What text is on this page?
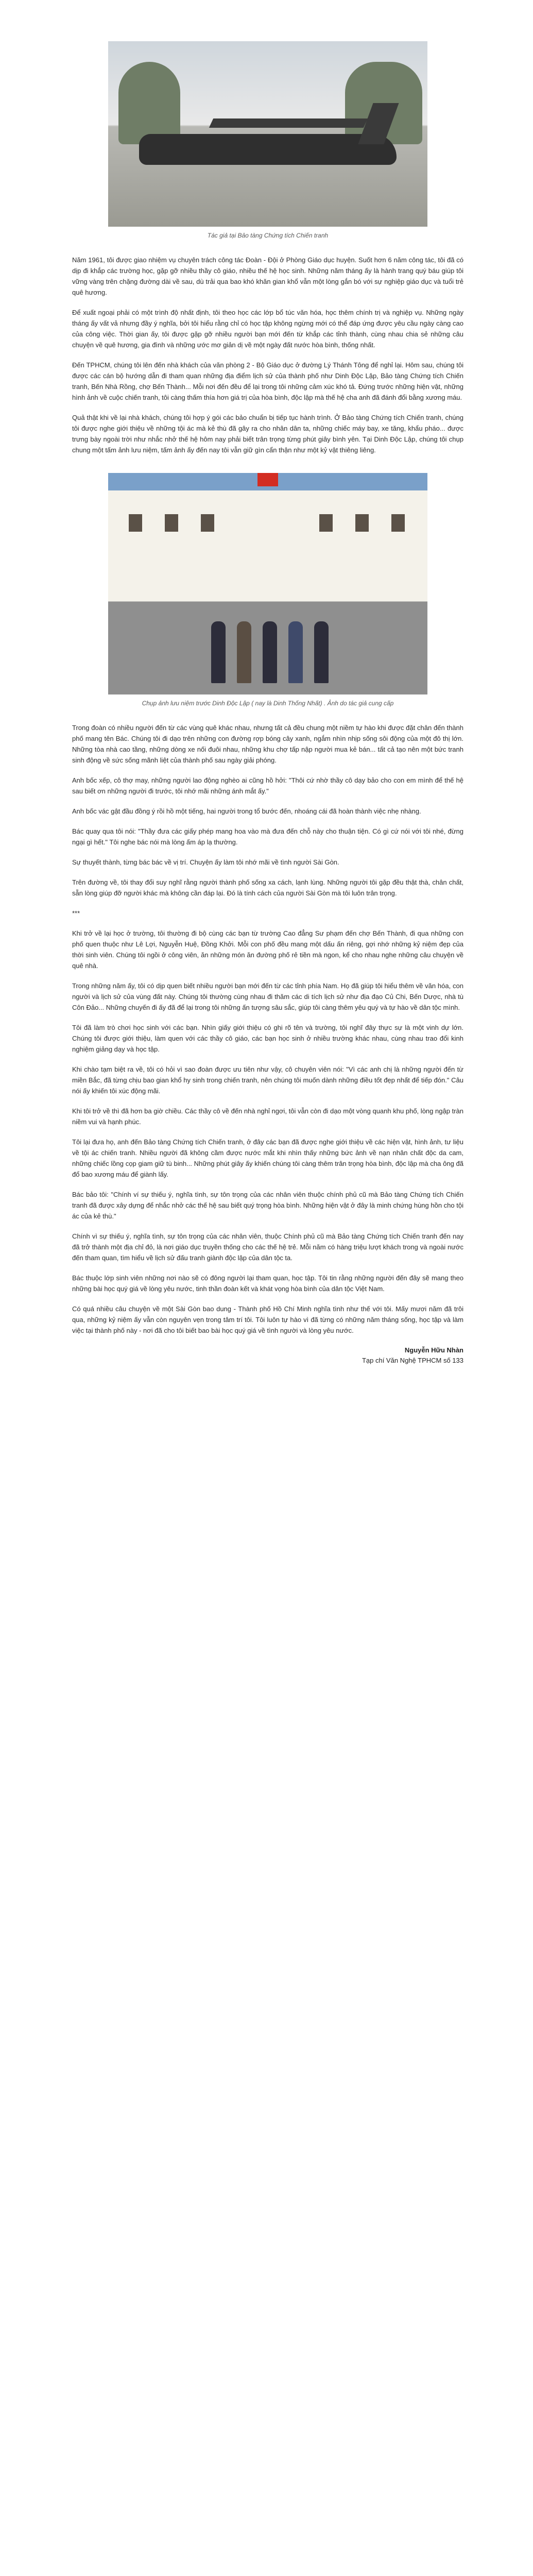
Tác giả tại Bảo tàng Chứng tích Chiến tranh

Năm 1961, tôi được giao nhiệm vụ chuyên trách công tác Đoàn - Đội ở Phòng Giáo dục huyện. Suốt hơn 6 năm công tác, tôi đã có dịp đi khắp các trường học, gặp gỡ nhiều thầy cô giáo, nhiều thế hệ học sinh. Những năm tháng ấy là hành trang quý báu giúp tôi vững vàng trên chặng đường dài về sau, dù trải qua bao khó khăn gian khổ vẫn một lòng gắn bó với sự nghiệp giáo dục và tuổi trẻ quê hương.

Để xuất ngoại phải có một trình độ nhất định, tôi theo học các lớp bổ túc văn hóa, học thêm chính trị và nghiệp vụ. Những ngày tháng ấy vất vả nhưng đầy ý nghĩa, bởi tôi hiểu rằng chỉ có học tập không ngừng mới có thể đáp ứng được yêu cầu ngày càng cao của công việc. Thời gian ấy, tôi được gặp gỡ nhiều người bạn mới đến từ khắp các tỉnh thành, cùng nhau chia sẻ những câu chuyện về quê hương, gia đình và những ước mơ giản dị về một ngày đất nước hòa bình, thống nhất.

Đến TPHCM, chúng tôi lên đến nhà khách của văn phòng 2 - Bộ Giáo dục ở đường Lý Thánh Tông để nghỉ lại. Hôm sau, chúng tôi được các cán bộ hướng dẫn đi tham quan những địa điểm lịch sử của thành phố như Dinh Độc Lập, Bảo tàng Chứng tích Chiến tranh, Bến Nhà Rồng, chợ Bến Thành... Mỗi nơi đến đều để lại trong tôi những cảm xúc khó tả. Đứng trước những hiện vật, những hình ảnh về cuộc chiến tranh, tôi càng thấm thía hơn giá trị của hòa bình, độc lập mà thế hệ cha anh đã đánh đổi bằng xương máu.

Quả thật khi về lại nhà khách, chúng tôi hợp ý gói các bảo chuẩn bị tiếp tục hành trình. Ở Bảo tàng Chứng tích Chiến tranh, chúng tôi được nghe giới thiệu về những tội ác mà kẻ thù đã gây ra cho nhân dân ta, những chiếc máy bay, xe tăng, khẩu pháo... được trưng bày ngoài trời như nhắc nhở thế hệ hôm nay phải biết trân trọng từng phút giây bình yên. Tại Dinh Độc Lập, chúng tôi chụp chung một tấm ảnh lưu niệm, tấm ảnh ấy đến nay tôi vẫn giữ gìn cẩn thận như một kỷ vật thiêng liêng.

Chụp ảnh lưu niệm trước Dinh Độc Lập ( nay là Dinh Thống Nhất) . Ảnh do tác giả cung cấp

Trong đoàn có nhiều người đến từ các vùng quê khác nhau, nhưng tất cả đều chung một niềm tự hào khi được đặt chân đến thành phố mang tên Bác. Chúng tôi đi dạo trên những con đường rợp bóng cây xanh, ngắm nhìn nhịp sống sôi động của một đô thị lớn. Những tòa nhà cao tầng, những dòng xe nối đuôi nhau, những khu chợ tấp nập người mua kẻ bán... tất cả tạo nên một bức tranh sinh động về sức sống mãnh liệt của thành phố sau ngày giải phóng.

Anh bốc xếp, cô thợ may, những người lao động nghèo ai cũng hồ hởi: "Thôi cứ nhờ thầy cô dạy bảo cho con em mình để thế hệ sau biết ơn những người đi trước, tôi nhớ mãi những ánh mắt ấy."

Anh bốc vác gật đầu đồng ý rồi hồ một tiếng, hai người trong tổ bước đến, nhoáng cái đã hoàn thành việc nhẹ nhàng.

Bác quay qua tôi nói: "Thầy đưa các giấy phép mang hoa vào mà đưa đến chỗ này cho thuận tiện. Có gì cứ nói với tôi nhé, đừng ngại gì hết." Tôi nghe bác nói mà lòng ấm áp lạ thường.

Sự thuyết thành, từng bác bác về vị trí. Chuyện ấy làm tôi nhớ mãi về tình người Sài Gòn.

Trên đường về, tôi thay đổi suy nghĩ rằng người thành phố sống xa cách, lạnh lùng. Những người tôi gặp đều thật thà, chân chất, sẵn lòng giúp đỡ người khác mà không cần đáp lại. Đó là tính cách của người Sài Gòn mà tôi luôn trân trọng.

***

Khi trở về lại học ở trường, tôi thường đi bộ cùng các bạn từ trường Cao đẳng Sư phạm đến chợ Bến Thành, đi qua những con phố quen thuộc như Lê Lợi, Nguyễn Huệ, Đồng Khởi. Mỗi con phố đều mang một dấu ấn riêng, gợi nhớ những kỷ niệm đẹp của thời sinh viên. Chúng tôi ngồi ở công viên, ăn những món ăn đường phố rẻ tiền mà ngon, kể cho nhau nghe những câu chuyện về quê nhà.

Trong những năm ấy, tôi có dịp quen biết nhiều người bạn mới đến từ các tỉnh phía Nam. Họ đã giúp tôi hiểu thêm về văn hóa, con người và lịch sử của vùng đất này. Chúng tôi thường cùng nhau đi thăm các di tích lịch sử như địa đạo Củ Chi, Bến Dược, nhà tù Côn Đảo... Những chuyến đi ấy đã để lại trong tôi những ấn tượng sâu sắc, giúp tôi càng thêm yêu quý và tự hào về dân tộc mình.

Tôi đã làm trò chơi học sinh với các bạn. Nhìn giấy giới thiệu có ghi rõ tên và trường, tôi nghĩ đây thực sự là một vinh dự lớn. Chúng tôi được giới thiệu, làm quen với các thầy cô giáo, các bạn học sinh ở nhiều trường khác nhau, cùng nhau trao đổi kinh nghiệm giảng dạy và học tập.

Khi chào tạm biệt ra về, tôi có hỏi vì sao đoàn được ưu tiên như vậy, cô chuyên viên nói: "Vì các anh chị là những người đến từ miền Bắc, đã từng chịu bao gian khổ hy sinh trong chiến tranh, nên chúng tôi muốn dành những điều tốt đẹp nhất để tiếp đón." Câu nói ấy khiến tôi xúc động mãi.

Khi tôi trở về thì đã hơn ba giờ chiều. Các thầy cô về đến nhà nghỉ ngơi, tôi vẫn còn đi dạo một vòng quanh khu phố, lòng ngập tràn niềm vui và hạnh phúc.

Tôi lại đưa họ, anh đến Bảo tàng Chứng tích Chiến tranh, ở đây các bạn đã được nghe giới thiệu về các hiện vật, hình ảnh, tư liệu về tội ác chiến tranh. Nhiều người đã không cầm được nước mắt khi nhìn thấy những bức ảnh về nạn nhân chất độc da cam, những chiếc lồng cọp giam giữ tù binh... Những phút giây ấy khiến chúng tôi càng thêm trân trọng hòa bình, độc lập mà cha ông đã đổ bao xương máu để giành lấy.

Bác bảo tôi: "Chính ví sự thiếu ý, nghĩa tình, sự tôn trọng của các nhân viên thuộc chính phủ cũ mà Bảo tàng Chứng tích Chiến tranh đã được xây dựng để nhắc nhở các thế hệ sau biết quý trọng hòa bình. Những hiện vật ở đây là minh chứng hùng hồn cho tội ác của kẻ thù."

Chính vì sự thiếu ý, nghĩa tình, sự tôn trọng của các nhân viên, thuộc Chính phủ cũ mà Bảo tàng Chứng tích Chiến tranh đến nay đã trở thành một địa chỉ đỏ, là nơi giáo dục truyền thống cho các thế hệ trẻ. Mỗi năm có hàng triệu lượt khách trong và ngoài nước đến tham quan, tìm hiểu về lịch sử đấu tranh giành độc lập của dân tộc ta.

Bác thuộc lớp sinh viên những nơi nào sẽ có đông người lại tham quan, học tập. Tôi tin rằng những người đến đây sẽ mang theo những bài học quý giá về lòng yêu nước, tinh thần đoàn kết và khát vọng hòa bình của dân tộc Việt Nam.

Có quá nhiều câu chuyện về một Sài Gòn bao dung - Thành phố Hồ Chí Minh nghĩa tình như thế với tôi. Mấy mươi năm đã trôi qua, những kỷ niệm ấy vẫn còn nguyên vẹn trong tâm trí tôi. Tôi luôn tự hào vì đã từng có những năm tháng sống, học tập và làm việc tại thành phố này - nơi đã cho tôi biết bao bài học quý giá về tình người và lòng yêu nước.

Nguyễn Hữu Nhàn
Tạp chí Văn Nghệ TPHCM số 133
